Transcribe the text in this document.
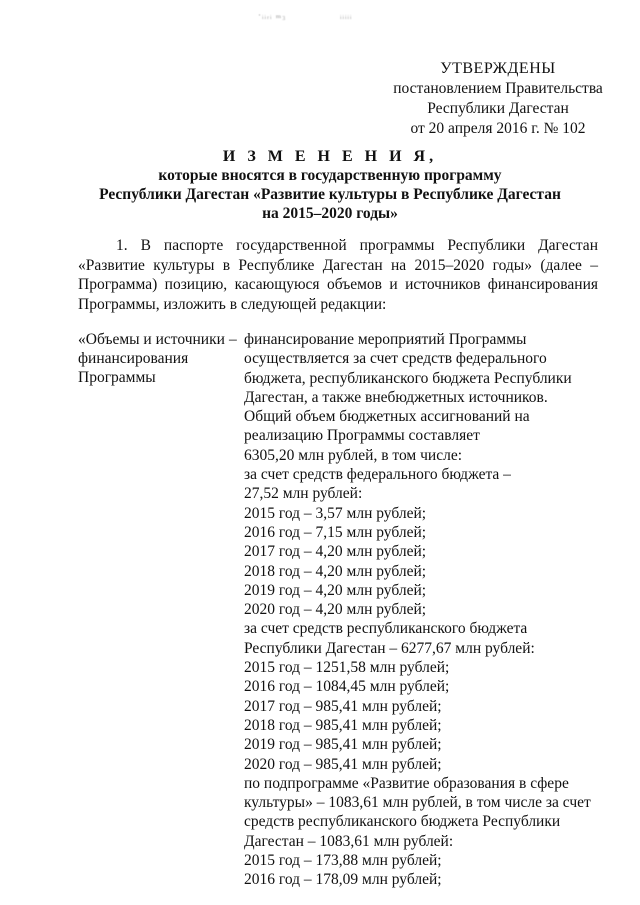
·ᵢᵢᵣᵢ ₘ₃	ᵢᵢᵢᵢᵢ
УТВЕРЖДЕНЫ
постановлением Правительства
Республики Дагестан
от 20 апреля 2016 г. № 102
И З М Е Н Е Н И Я,
которые вносятся в государственную программу
Республики Дагестан «Развитие культуры в Республике Дагестан
на 2015–2020 годы»
1. В паспорте государственной программы Республики Дагестан «Развитие культуры в Республике Дагестан на 2015–2020 годы» (далее – Программа) позицию, касающуюся объемов и источников финансирования Программы, изложить в следующей редакции:
«Объемы и источники
финансирования
Программы
– финансирование мероприятий Программы
осуществляется за счет средств федерального
бюджета, республиканского бюджета Республики
Дагестан, а также внебюджетных источников.
Общий объем бюджетных ассигнований на
реализацию Программы составляет
6305,20 млн рублей, в том числе:
за счет средств федерального бюджета –
27,52 млн рублей:
2015 год – 3,57 млн рублей;
2016 год – 7,15 млн рублей;
2017 год – 4,20 млн рублей;
2018 год – 4,20 млн рублей;
2019 год – 4,20 млн рублей;
2020 год – 4,20 млн рублей;
за счет средств республиканского бюджета
Республики Дагестан – 6277,67 млн рублей:
2015 год – 1251,58 млн рублей;
2016 год – 1084,45 млн рублей;
2017 год – 985,41 млн рублей;
2018 год – 985,41 млн рублей;
2019 год – 985,41 млн рублей;
2020 год – 985,41 млн рублей;
по подпрограмме «Развитие образования в сфере
культуры» – 1083,61 млн рублей, в том числе за счет
средств республиканского бюджета Республики
Дагестан – 1083,61 млн рублей:
2015 год – 173,88 млн рублей;
2016 год – 178,09 млн рублей;
